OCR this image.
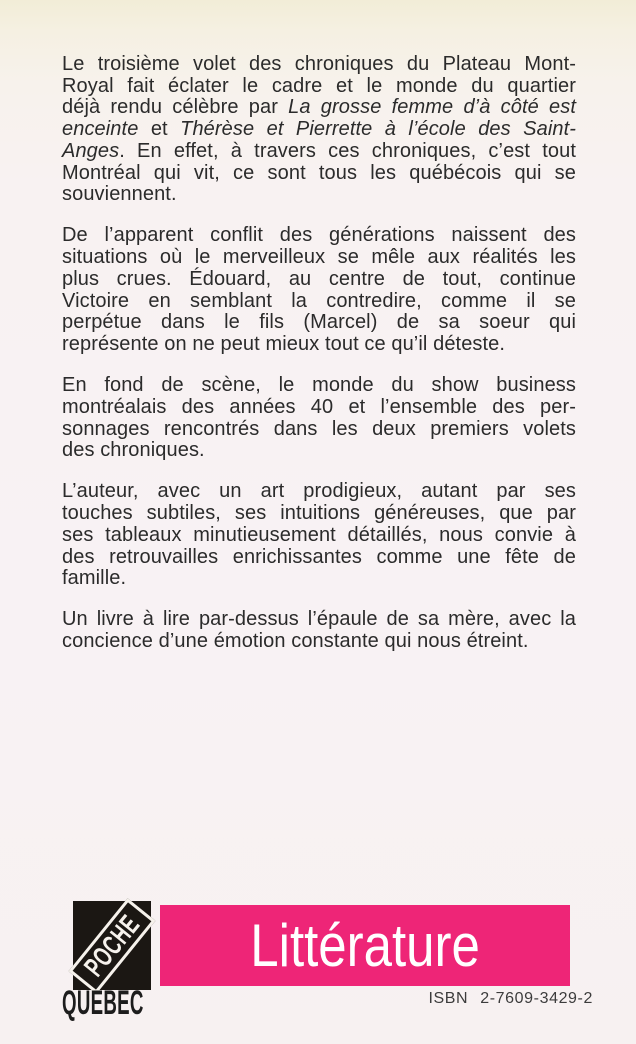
Le troisième volet des chroniques du Plateau Mont-
Royal fait éclater le cadre et le monde du quartier
déjà rendu célèbre par La grosse femme d’à côté est
enceinte et Thérèse et Pierrette à l’école des Saint-
Anges. En effet, à travers ces chroniques, c’est tout
Montréal qui vit, ce sont tous les québécois qui se
souviennent.
De l’apparent conflit des générations naissent des
situations où le merveilleux se mêle aux réalités les
plus crues. Édouard, au centre de tout, continue
Victoire en semblant la contredire, comme il se
perpétue dans le fils (Marcel) de sa soeur qui
représente on ne peut mieux tout ce qu’il déteste.
En fond de scène, le monde du show business
montréalais des années 40 et l’ensemble des per-
sonnages rencontrés dans les deux premiers volets
des chroniques.
L’auteur, avec un art prodigieux, autant par ses
touches subtiles, ses intuitions généreuses, que par
ses tableaux minutieusement détaillés, nous convie à
des retrouvailles enrichissantes comme une fête de
famille.
Un livre à lire par-dessus l’épaule de sa mère, avec la
concience d’une émotion constante qui nous étreint.
POCHE
QUÉBEC
Littérature
ISBN 2-7609-3429-2
